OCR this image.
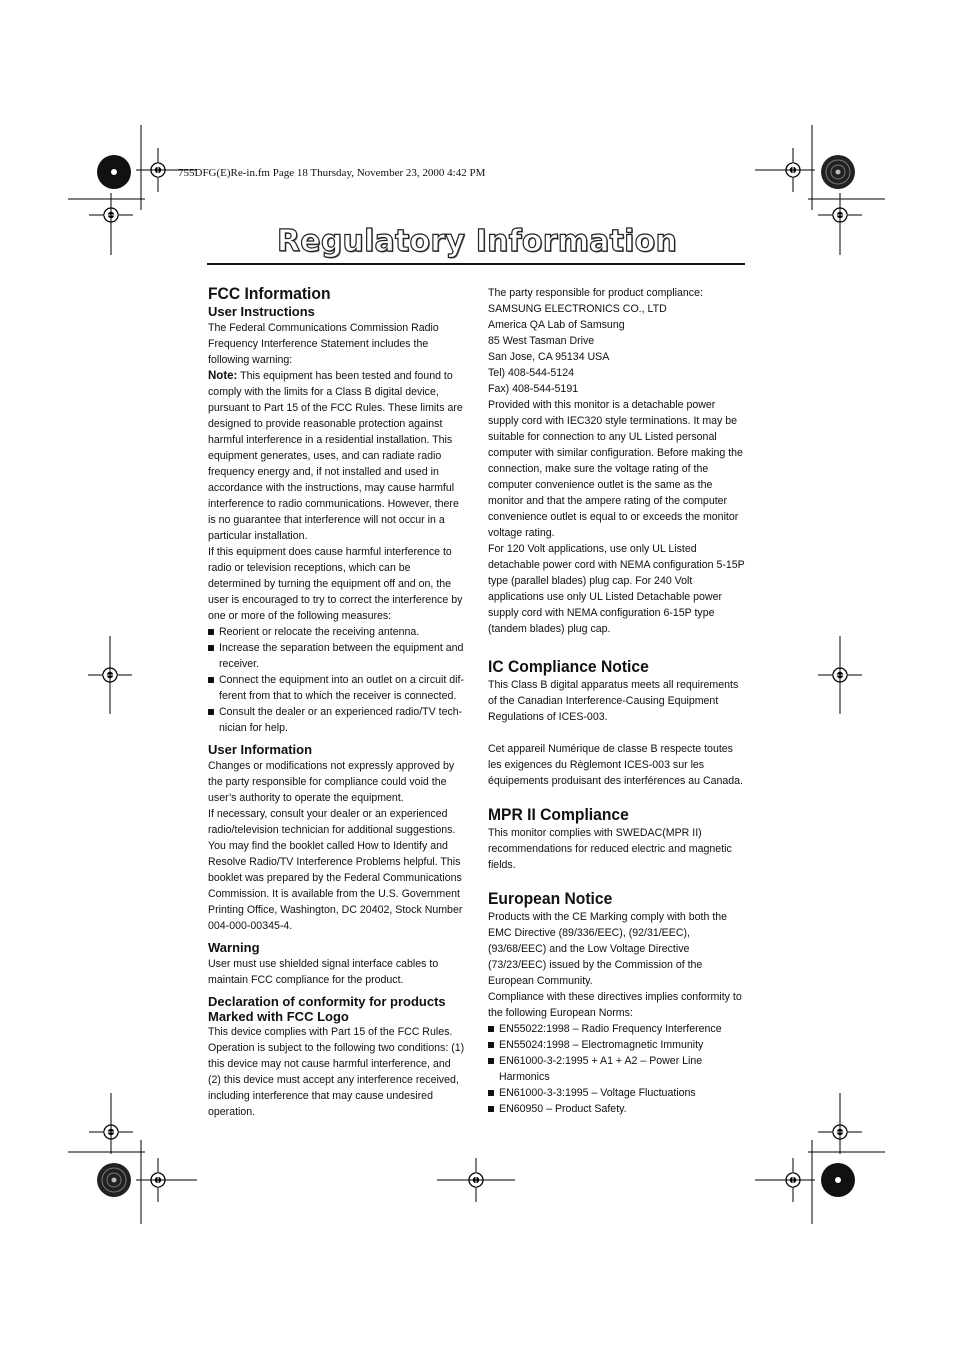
755DFG(E)Re-in.fm Page 18 Thursday, November 23, 2000 4:42 PM
Regulatory Information
FCC Information
User Instructions

The Federal Communications Commission Radio Frequency Interference Statement includes the following warning:

Note: This equipment has been tested and found to comply with the limits for a Class B digital device, pursuant to Part 15 of the FCC Rules. These limits are designed to provide reasonable protection against harmful interference in a residential installation. This equipment generates, uses, and can radiate radio frequency energy and, if not installed and used in accordance with the instructions, may cause harmful interference to radio communications. However, there is no guarantee that interference will not occur in a particular installation.

If this equipment does cause harmful interference to radio or television receptions, which can be determined by turning the equipment off and on, the user is encouraged to try to correct the interference by one or more of the following measures:

Reorient or relocate the receiving antenna.
Increase the separation between the equipment and receiver.
Connect the equipment into an outlet on a circuit dif-ferent from that to which the receiver is connected.
Consult the dealer or an experienced radio/TV tech-nician for help.
User Information

Changes or modifications not expressly approved by the party responsible for compliance could void the user’s authority to operate the equipment.

If necessary, consult your dealer or an experienced radio/television technician for additional suggestions. You may find the booklet called How to Identify and Resolve Radio/TV Interference Problems helpful. This booklet was prepared by the Federal Communications Commission. It is available from the U.S. Government Printing Office, Washington, DC 20402, Stock Number 004-000-00345-4.

Warning

User must use shielded signal interface cables to maintain FCC compliance for the product.

Declaration of conformity for products Marked with FCC Logo

This device complies with Part 15 of the FCC Rules. Operation is subject to the following two conditions: (1) this device may not cause harmful interference, and (2) this device must accept any interference received, including interference that may cause undesired operation.

The party responsible for product compliance:

SAMSUNG ELECTRONICS CO., LTD

America QA Lab of Samsung

85 West Tasman Drive

San Jose, CA 95134 USA

Tel) 408-544-5124

Fax) 408-544-5191

Provided with this monitor is a detachable power supply cord with IEC320 style terminations. It may be suitable for connection to any UL Listed personal computer with similar configuration. Before making the connection, make sure the voltage rating of the computer convenience outlet is the same as the monitor and that the ampere rating of the computer convenience outlet is equal to or exceeds the monitor voltage rating.

For 120 Volt applications, use only UL Listed detachable power cord with NEMA configuration 5-15P type (parallel blades) plug cap. For 240 Volt applications use only UL Listed Detachable power supply cord with NEMA configuration 6-15P type (tandem blades) plug cap.

IC Compliance Notice

This Class B digital apparatus meets all requirements of the Canadian Interference-Causing Equipment Regulations of ICES-003.

Cet appareil Numérique de classe B respecte toutes les exigences du Règlemont ICES-003 sur les équipements produisant des interférences au Canada.

MPR II Compliance

This monitor complies with SWEDAC(MPR II) recommendations for reduced electric and magnetic fields.

European Notice

Products with the CE Marking comply with both the EMC Directive (89/336/EEC), (92/31/EEC), (93/68/EEC) and the Low Voltage Directive (73/23/EEC) issued by the Commission of the European Community.

Compliance with these directives implies conformity to the following European Norms:

EN55022:1998 – Radio Frequency Interference
EN55024:1998 – Electromagnetic Immunity
EN61000-3-2:1995 + A1 + A2 – Power Line Harmonics
EN61000-3-3:1995 – Voltage Fluctuations
EN60950 – Product Safety.
